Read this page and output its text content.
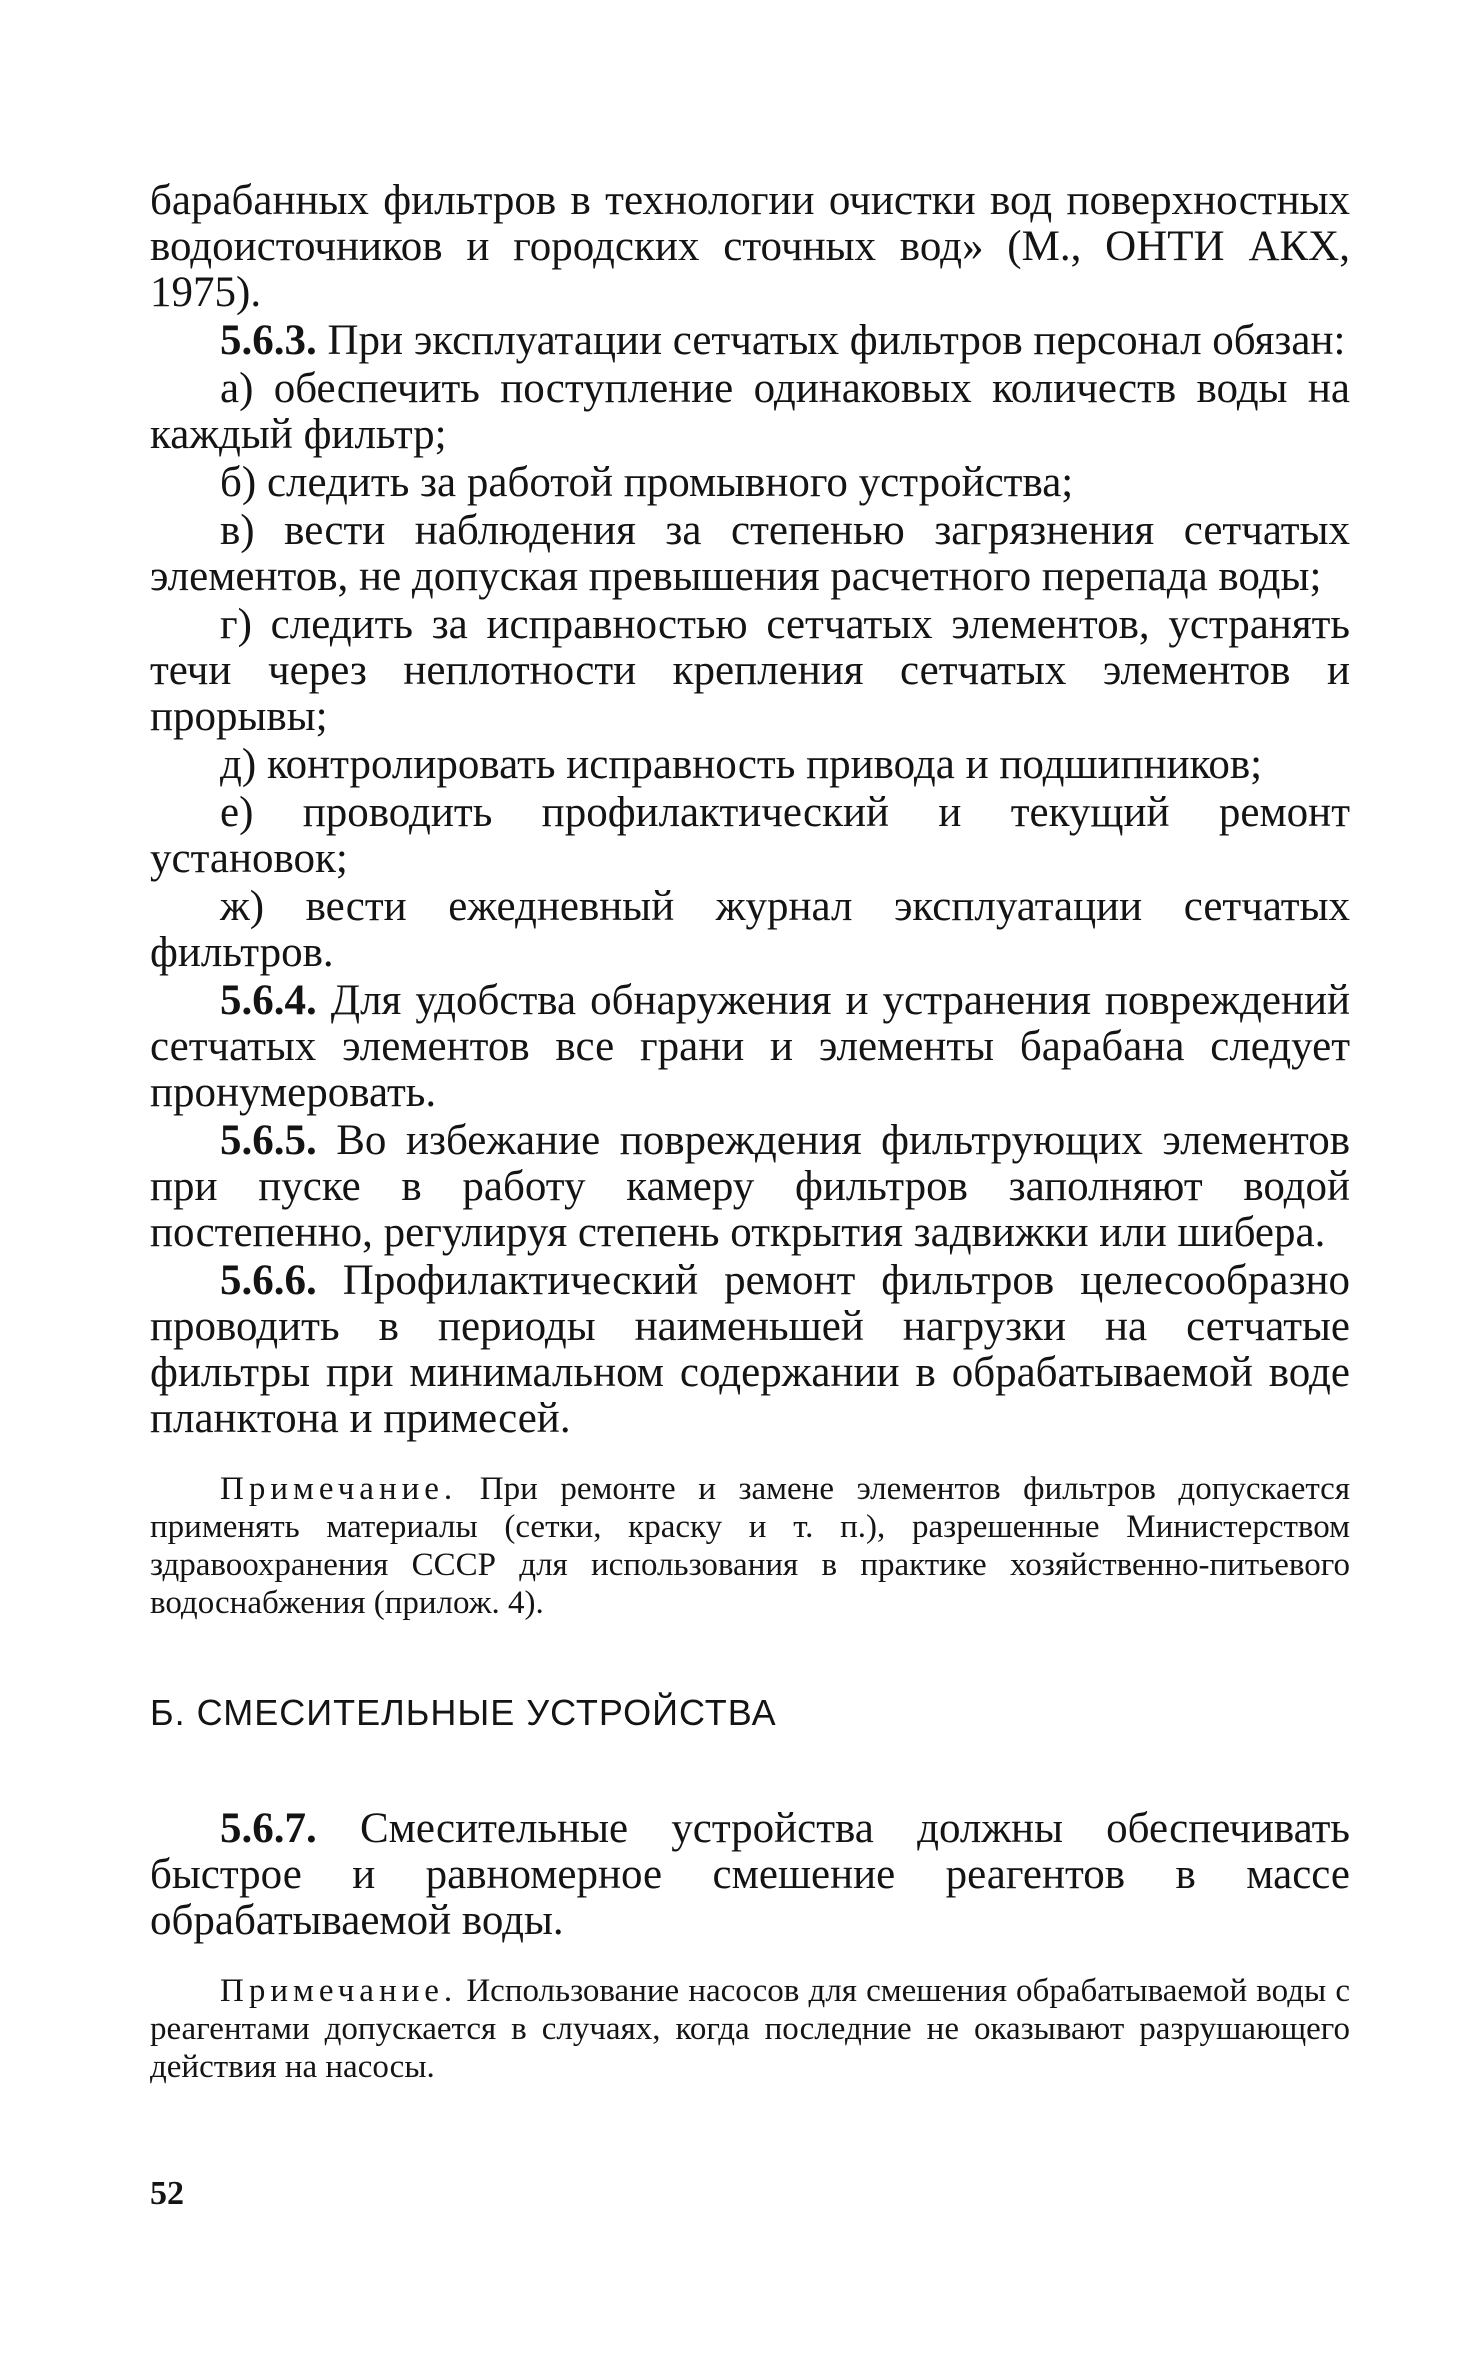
барабанных фильтров в технологии очистки вод поверхностных водоисточников и городских сточных вод» (М., ОНТИ АКХ, 1975).

5.6.3. При эксплуатации сетчатых фильтров персонал обязан:

а) обеспечить поступление одинаковых количеств воды на каждый фильтр;

б) следить за работой промывного устройства;

в) вести наблюдения за степенью загрязнения сетчатых элементов, не допуская превышения расчетного перепада воды;

г) следить за исправностью сетчатых элементов, устранять течи через неплотности крепления сетчатых элементов и прорывы;

д) контролировать исправность привода и подшипников;

е) проводить профилактический и текущий ремонт установок;

ж) вести ежедневный журнал эксплуатации сетчатых фильтров.

5.6.4. Для удобства обнаружения и устранения повреждений сетчатых элементов все грани и элементы барабана следует пронумеровать.

5.6.5. Во избежание повреждения фильтрующих элементов при пуске в работу камеру фильтров заполняют водой постепенно, регулируя степень открытия задвижки или шибера.

5.6.6. Профилактический ремонт фильтров целесообразно проводить в периоды наименьшей нагрузки на сетчатые фильтры при минимальном содержании в обрабатываемой воде планктона и примесей.

Примечание. При ремонте и замене элементов фильтров допускается применять материалы (сетки, краску и т. п.), разрешенные Министерством здравоохранения СССР для использования в практике хозяйственно-питьевого водоснабжения (прилож. 4).

Б. СМЕСИТЕЛЬНЫЕ УСТРОЙСТВА

5.6.7. Смесительные устройства должны обеспечивать быстрое и равномерное смешение реагентов в массе обрабатываемой воды.

Примечание. Использование насосов для смешения обрабатываемой воды с реагентами допускается в случаях, когда последние не оказывают разрушающего действия на насосы.

52
